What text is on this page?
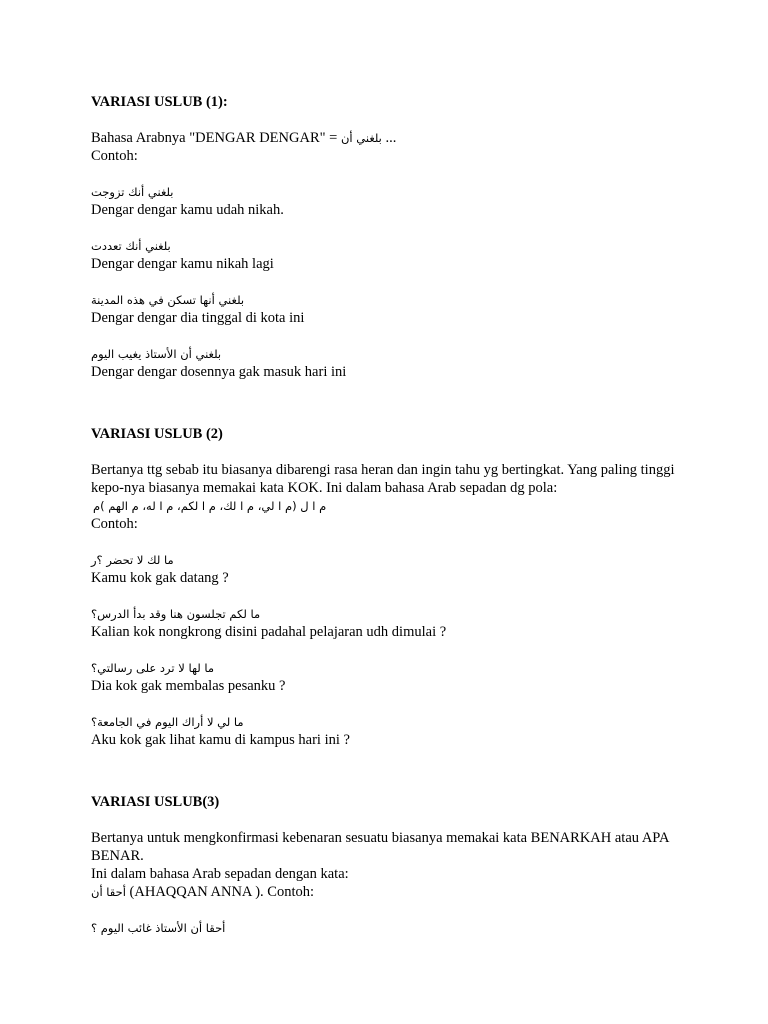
VARIASI USLUB (1):

Bahasa Arabnya "DENGAR DENGAR" = بلغني أن ...

Contoh:

بلغني أنك تزوجت

Dengar dengar kamu udah nikah.

بلغني أنك تعددت

Dengar dengar kamu nikah lagi

بلغني أنها تسكن في هذه المدينة

Dengar dengar dia tinggal di kota ini

بلغني أن الأستاذ يغيب اليوم

Dengar dengar dosennya gak masuk hari ini

VARIASI USLUB (2)

Bertanya ttg sebab itu biasanya dibarengi rasa heran dan ingin tahu yg bertingkat. Yang paling tinggi kepo-nya biasanya memakai kata KOK. Ini dalam bahasa Arab sepadan dg pola:

م ا ل (م ا لي، م ا لك، م ا لكم، م ا له، م الهم )م

Contoh:

ما لك لا تحضر ؟ر

Kamu kok gak datang ?

ما لكم تجلسون هنا وقد بدأ الدرس؟

Kalian kok nongkrong disini padahal pelajaran udh dimulai ?

ما لها لا ترد على رسالتي؟

Dia kok gak membalas pesanku ?

ما لي لا أراك اليوم في الجامعة؟

Aku kok gak lihat kamu di kampus hari ini ?

VARIASI USLUB(3)

Bertanya untuk mengkonfirmasi kebenaran sesuatu biasanya memakai kata BENARKAH atau APA BENAR.

Ini dalam bahasa Arab sepadan dengan kata:

أحقا أن (AHAQQAN ANNA ). Contoh:

أحقا أن الأستاذ غائب اليوم ؟
